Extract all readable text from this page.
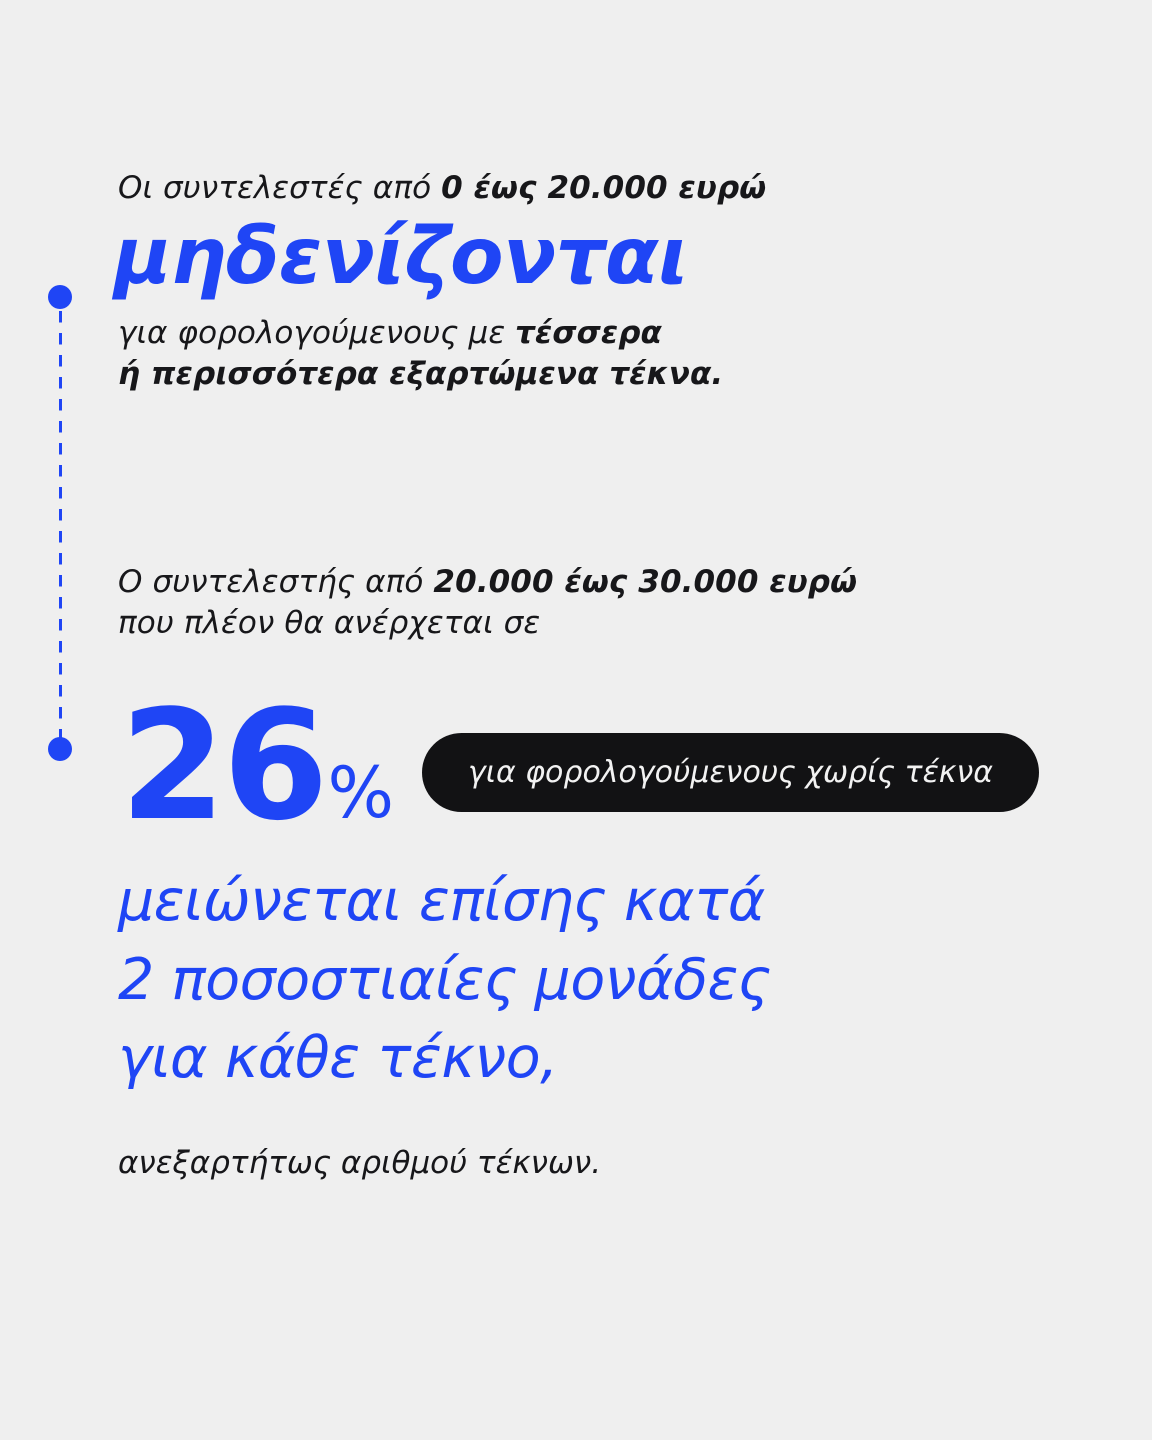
Οι συντελεστές από 0 έως 20.000 ευρώ
μηδενίζονται
για φορολογούμενους με τέσσερα
ή περισσότερα εξαρτώμενα τέκνα.
Ο συντελεστής από 20.000 έως 30.000 ευρώ
που πλέον θα ανέρχεται σε
26 %	για φορολογούμενους χωρίς τέκνα
μειώνεται επίσης κατά
2 ποσοστιαίες μονάδες
για κάθε τέκνο,
ανεξαρτήτως αριθμού τέκνων.
